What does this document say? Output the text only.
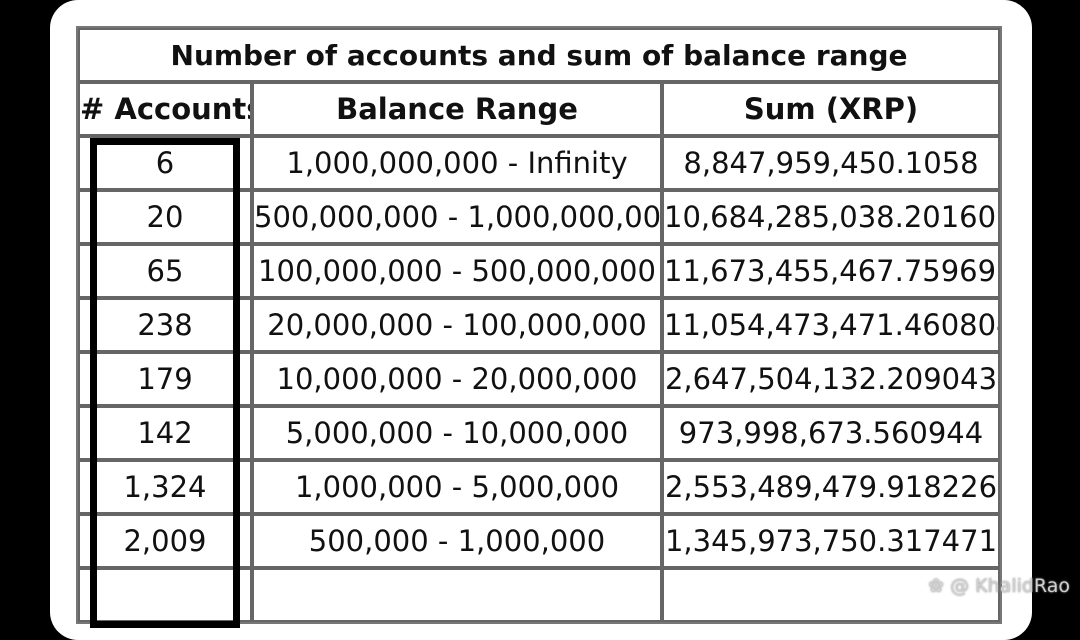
Number of accounts and sum of balance range		
# Accounts	Balance Range	Sum (XRP)
6	1,000,000,000 - Infinity	8,847,959,450.1058
20	500,000,000 - 1,000,000,000	10,684,285,038.201609
65	100,000,000 - 500,000,000	11,673,455,467.759691
238	20,000,000 - 100,000,000	11,054,473,471.460804
179	10,000,000 - 20,000,000	2,647,504,132.209043
142	5,000,000 - 10,000,000	973,998,673.560944
1,324	1,000,000 - 5,000,000	2,553,489,479.918226
2,009	500,000 - 1,000,000	1,345,973,750.317471

❀ @ KhalidRao
